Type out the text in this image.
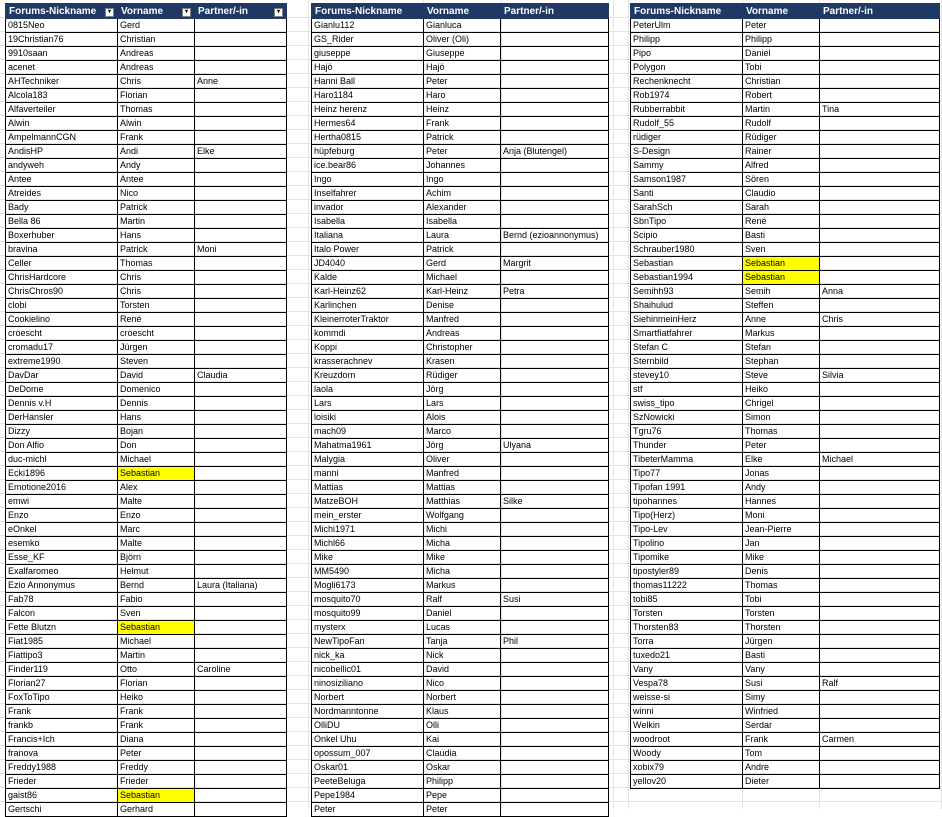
Forums-Nickname ▾	Vorname ▾	Partner/-in ▾

0815Neo	Gerd	
19Christian76	Christian	
9910saan	Andreas	
acenet	Andreas	
AHTechniker	Chris	Anne
Alcola183	Florian	
Alfaverteiler	Thomas	
Alwin	Alwin	
AmpelmannCGN	Frank	
AndisHP	Andi	Elke
andyweh	Andy	
Antee	Antee	
Atreides	Nico	
Bady	Patrick	
Bella 86	Martin	
Boxerhuber	Hans	
bravina	Patrick	Moni
Celler	Thomas	
ChrisHardcore	Chris	
ChrisChros90	Chris	
clobi	Torsten	
Cookielino	René	
croescht	croescht	
cromadu17	Jürgen	
extreme1990	Steven	
DavDar	David	Claudia
DeDome	Domenico	
Dennis v.H	Dennis	
DerHansler	Hans	
Dizzy	Bojan	
Don Alfio	Don	
duc-michl	Michael	
Ecki1896	Sebastian	
Emotione2016	Alex	
emwi	Malte	
Enzo	Enzo	
eOnkel	Marc	
esemko	Malte	
Esse_KF	Björn	
Exalfaromeo	Helmut	
Ezio Annonymus	Bernd	Laura (Italiana)
Fab78	Fabio	
Falcon	Sven	
Fette Blutzn	Sebastian	
Fiat1985	Michael	
Fiattipo3	Martin	
Finder119	Otto	Caroline
Florian27	Florian	
FoxToTipo	Heiko	
Frank	Frank	
frankb	Frank	
Francis+Ich	Diana	
franova	Peter	
Freddy1988	Freddy	
Frieder	Frieder	
gaist86	Sebastian	
Gertschi	Gerhard	
Forums-Nickname	Vorname	Partner/-in
Gianlu112	Gianluca	
GS_Rider	Oliver (Oli)	
giuseppe	Giuseppe	
Hajö	Hajö	
Hanni Ball	Peter	
Haro1184	Haro	
Heinz herenz	Heinz	
Hermes64	Frank	
Hertha0815	Patrick	
hüpfeburg	Peter	Anja (Blutengel)
ice.bear86	Johannes	
Ingo	Ingo	
Inselfahrer	Achim	
invador	Alexander	
Isabella	Isabella	
Italiana	Laura	Bernd (ezioannonymus)
Italo Power	Patrick	
JD4040	Gerd	Margrit
Kalde	Michael	
Karl-Heinz62	Karl-Heinz	Petra
Karlinchen	Denise	
KleinerroterTraktor	Manfred	
kommdi	Andreas	
Koppi	Christopher	
krasserachnev	Krasen	
Kreuzdorn	Rüdiger	
laola	Jörg	
Lars	Lars	
loisiki	Alois	
mach09	Marco	
Mahatma1961	Jörg	Ulyana
Malygia	Oliver	
manni	Manfred	
Mattias	Mattias	
MatzeBOH	Matthias	Silke
mein_erster	Wolfgang	
Michi1971	Michi	
Michl66	Micha	
Mike	Mike	
MM5490	Micha	
Mogli6173	Markus	
mosquito70	Ralf	Susi
mosquito99	Daniel	
mysterx	Lucas	
NewTipoFan	Tanja	Phil
nick_ka	Nick	
nicobellic01	David	
ninosiziliano	Nico	
Norbert	Norbert	
Nordmanntonne	Klaus	
OlliDU	Olli	
Onkel Uhu	Kai	
opossum_007	Claudia	
Oskar01	Oskar	
PeeteBeluga	Philipp	
Pepe1984	Pepe	
Peter	Peter	
Forums-Nickname	Vorname	Partner/-in
PeterUlm	Peter	
Philipp	Philipp	
Pipo	Daniel	
Polygon	Tobi	
Rechenknecht	Christian	
Rob1974	Robert	
Rubberrabbit	Martin	Tina
Rudolf_55	Rudolf	
rüdiger	Rüdiger	
S-Design	Rainer	
Sammy	Alfred	
Samson1987	Sören	
Santi	Claudio	
SarahSch	Sarah	
SbnTipo	René	
Scipio	Basti	
Schrauber1980	Sven	
Sebastian	Sebastian	
Sebastian1994	Sebastian	
Semihh93	Semih	Anna
Shaihulud	Steffen	
SiehinmeinHerz	Anne	Chris
Smartfiatfahrer	Markus	
Stefan C	Stefan	
Sternbild	Stephan	
stevey10	Steve	Silvia
stf	Heiko	
swiss_tipo	Chrigel	
SzNowicki	Simon	
Tgru76	Thomas	
Thunder	Peter	
TibeterMamma	Elke	Michael
Tipo77	Jonas	
Tipofan 1991	Andy	
tipohannes	Hannes	
Tipo(Herz)	Moni	
Tipo-Lev	Jean-Pierre	
Tipolino	Jan	
Tipomike	Mike	
tipostyler89	Denis	
thomas11222	Thomas	
tobi85	Tobi	
Torsten	Torsten	
Thorsten83	Thorsten	
Torra	Jürgen	
tuxedo21	Basti	
Vany	Vany	
Vespa78	Susi	Ralf
weisse-si	Simy	
winni	Winfried	
Welkin	Serdar	
woodroot	Frank	Carmen
Woody	Tom	
xobix79	Andre	
yellov20	Dieter	
